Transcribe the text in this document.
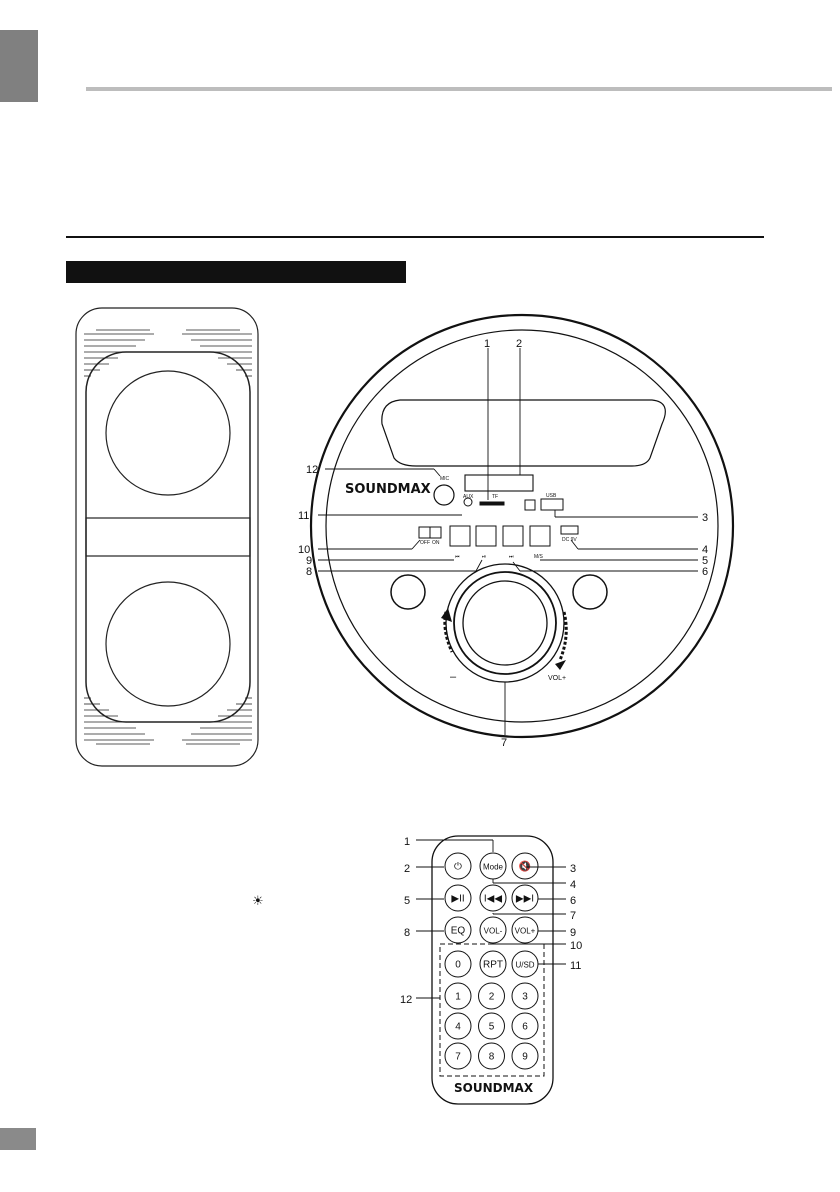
SOUNDMAX
MIC
AUX	TF	USB
OFF ON	DC 9V
⏮	⏯	⏭	M/S
–	VOL+
1 2
3
4
5
6
7
8
9
10
11
12
⏻	Mode 🔇
▶II I◀◀ ▶▶I
EQ VOL- VOL+
0 RPT U/SD
1	2	3
4	5	6
7	8	9
SOUNDMAX
1
2	3
4
5	6
7
8	9
10
11
12
☀
